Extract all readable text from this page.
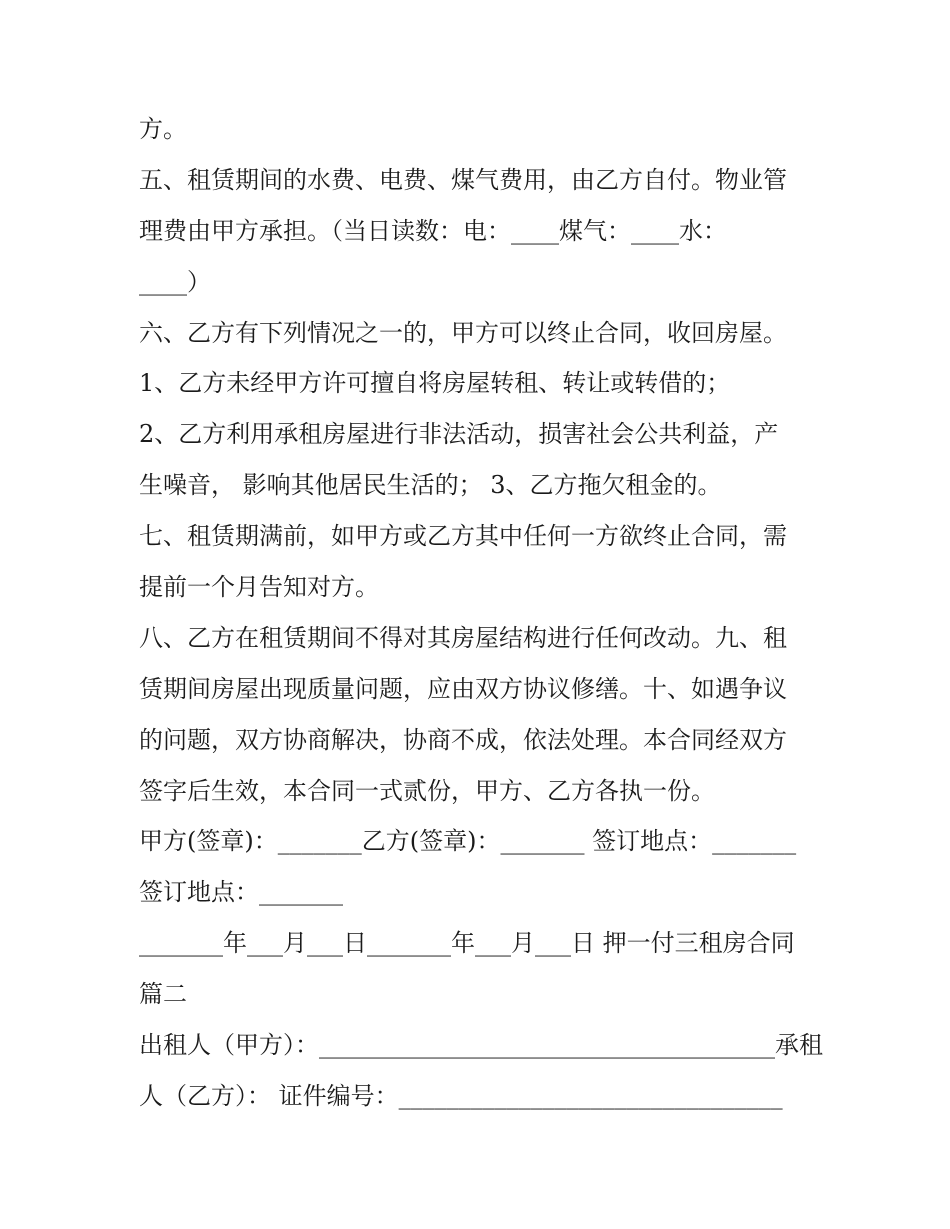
方。
五、租赁期间的水费、电费、煤气费用，由乙方自付。物业管
理费由甲方承担。（当日读数：电：____煤气：____水：
____）
六、乙方有下列情况之一的，甲方可以终止合同，收回房屋。
1、乙方未经甲方许可擅自将房屋转租、转让或转借的；
2、乙方利用承租房屋进行非法活动，损害社会公共利益，产
生噪音， 影响其他居民生活的； 3、乙方拖欠租金的。
七、租赁期满前，如甲方或乙方其中任何一方欲终止合同，需
提前一个月告知对方。
八、乙方在租赁期间不得对其房屋结构进行任何改动。九、租
赁期间房屋出现质量问题，应由双方协议修缮。十、如遇争议
的问题，双方协商解决，协商不成，依法处理。本合同经双方
签字后生效，本合同一式贰份，甲方、乙方各执一份。
甲方(签章)：_______乙方(签章)：_______ 签订地点：_______
签订地点：_______
_______年___月___日_______年___月___日 押一付三租房合同
篇二
出租人（甲方）：______________________________________承租
人（乙方）： 证件编号：________________________________
